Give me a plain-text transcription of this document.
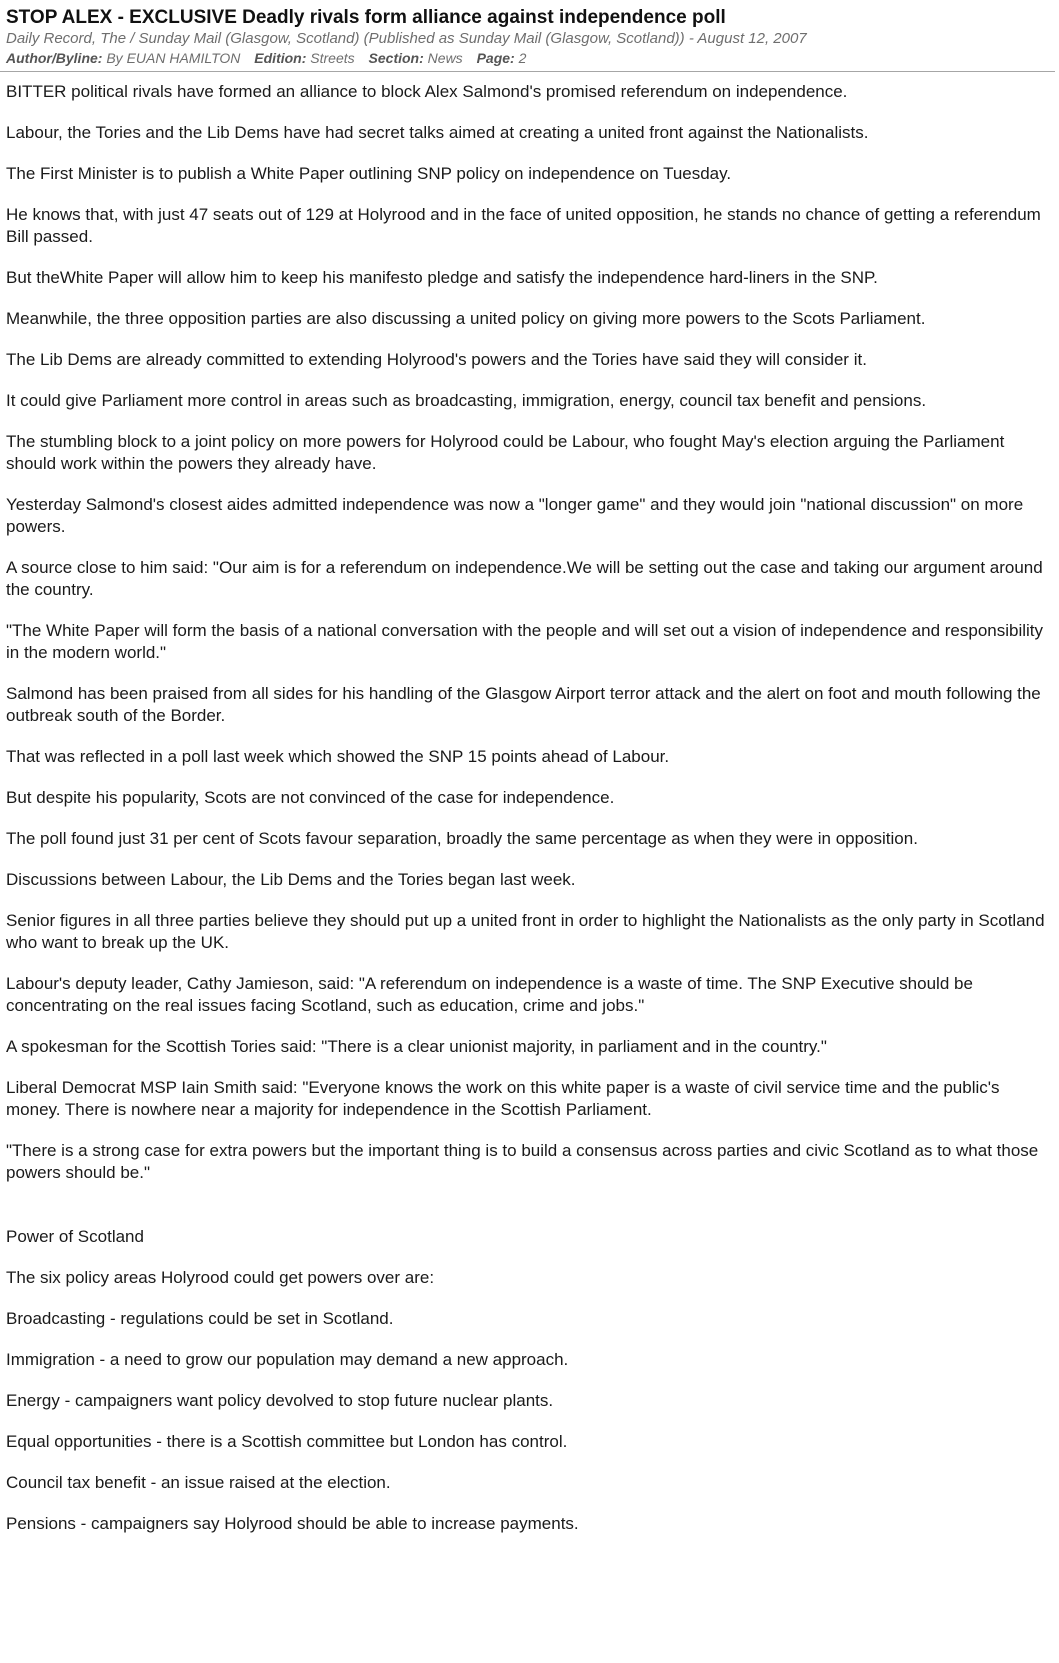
STOP ALEX - EXCLUSIVE Deadly rivals form alliance against independence poll

Daily Record, The / Sunday Mail (Glasgow, Scotland) (Published as Sunday Mail (Glasgow, Scotland)) - August 12, 2007

Author/Byline: By EUAN HAMILTON Edition: Streets Section: News Page: 2

BITTER political rivals have formed an alliance to block Alex Salmond's promised referendum on independence.

Labour, the Tories and the Lib Dems have had secret talks aimed at creating a united front against the Nationalists.

The First Minister is to publish a White Paper outlining SNP policy on independence on Tuesday.

He knows that, with just 47 seats out of 129 at Holyrood and in the face of united opposition, he stands no chance of getting a referendum Bill passed.

But theWhite Paper will allow him to keep his manifesto pledge and satisfy the independence hard-liners in the SNP.

Meanwhile, the three opposition parties are also discussing a united policy on giving more powers to the Scots Parliament.

The Lib Dems are already committed to extending Holyrood's powers and the Tories have said they will consider it.

It could give Parliament more control in areas such as broadcasting, immigration, energy, council tax benefit and pensions.

The stumbling block to a joint policy on more powers for Holyrood could be Labour, who fought May's election arguing the Parliament should work within the powers they already have.

Yesterday Salmond's closest aides admitted independence was now a "longer game" and they would join "national discussion" on more powers.

A source close to him said: "Our aim is for a referendum on independence.We will be setting out the case and taking our argument around the country.

"The White Paper will form the basis of a national conversation with the people and will set out a vision of independence and responsibility in the modern world."

Salmond has been praised from all sides for his handling of the Glasgow Airport terror attack and the alert on foot and mouth following the outbreak south of the Border.

That was reflected in a poll last week which showed the SNP 15 points ahead of Labour.

But despite his popularity, Scots are not convinced of the case for independence.

The poll found just 31 per cent of Scots favour separation, broadly the same percentage as when they were in opposition.

Discussions between Labour, the Lib Dems and the Tories began last week.

Senior figures in all three parties believe they should put up a united front in order to highlight the Nationalists as the only party in Scotland who want to break up the UK.

Labour's deputy leader, Cathy Jamieson, said: "A referendum on independence is a waste of time. The SNP Executive should be concentrating on the real issues facing Scotland, such as education, crime and jobs."

A spokesman for the Scottish Tories said: "There is a clear unionist majority, in parliament and in the country."

Liberal Democrat MSP Iain Smith said: "Everyone knows the work on this white paper is a waste of civil service time and the public's money. There is nowhere near a majority for independence in the Scottish Parliament.

"There is a strong case for extra powers but the important thing is to build a consensus across parties and civic Scotland as to what those powers should be."

Power of Scotland

The six policy areas Holyrood could get powers over are:

Broadcasting - regulations could be set in Scotland.

Immigration - a need to grow our population may demand a new approach.

Energy - campaigners want policy devolved to stop future nuclear plants.

Equal opportunities - there is a Scottish committee but London has control.

Council tax benefit - an issue raised at the election.

Pensions - campaigners say Holyrood should be able to increase payments.
